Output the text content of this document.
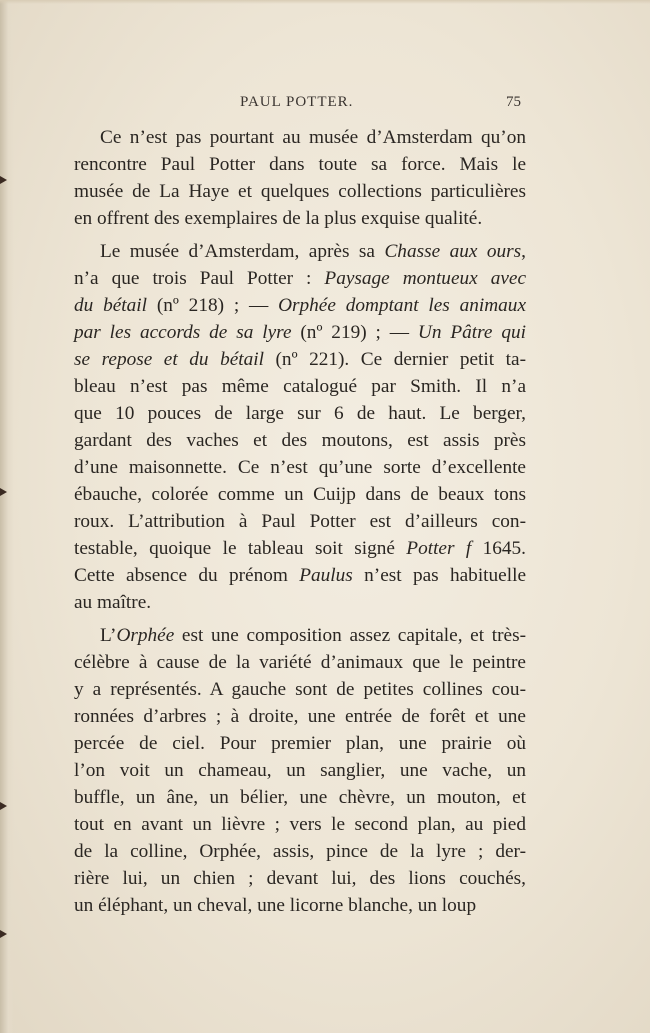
PAUL POTTER.	75
Ce n’est pas pourtant au musée d’Amsterdam qu’on
rencontre Paul Potter dans toute sa force. Mais le
musée de La Haye et quelques collections particulières
en offrent des exemplaires de la plus exquise qualité.
Le musée d’Amsterdam, après sa Chasse aux ours,
n’a que trois Paul Potter : Paysage montueux avec
du bétail (nº 218) ; — Orphée domptant les animaux
par les accords de sa lyre (nº 219) ; — Un Pâtre qui
se repose et du bétail (nº 221). Ce dernier petit ta-
bleau n’est pas même catalogué par Smith. Il n’a
que 10 pouces de large sur 6 de haut. Le berger,
gardant des vaches et des moutons, est assis près
d’une maisonnette. Ce n’est qu’une sorte d’excellente
ébauche, colorée comme un Cuijp dans de beaux tons
roux. L’attribution à Paul Potter est d’ailleurs con-
testable, quoique le tableau soit signé Potter f 1645.
Cette absence du prénom Paulus n’est pas habituelle
au maître.
L’Orphée est une composition assez capitale, et très-
célèbre à cause de la variété d’animaux que le peintre
y a représentés. A gauche sont de petites collines cou-
ronnées d’arbres ; à droite, une entrée de forêt et une
percée de ciel. Pour premier plan, une prairie où
l’on voit un chameau, un sanglier, une vache, un
buffle, un âne, un bélier, une chèvre, un mouton, et
tout en avant un lièvre ; vers le second plan, au pied
de la colline, Orphée, assis, pince de la lyre ; der-
rière lui, un chien ; devant lui, des lions couchés,
un éléphant, un cheval, une licorne blanche, un loup
